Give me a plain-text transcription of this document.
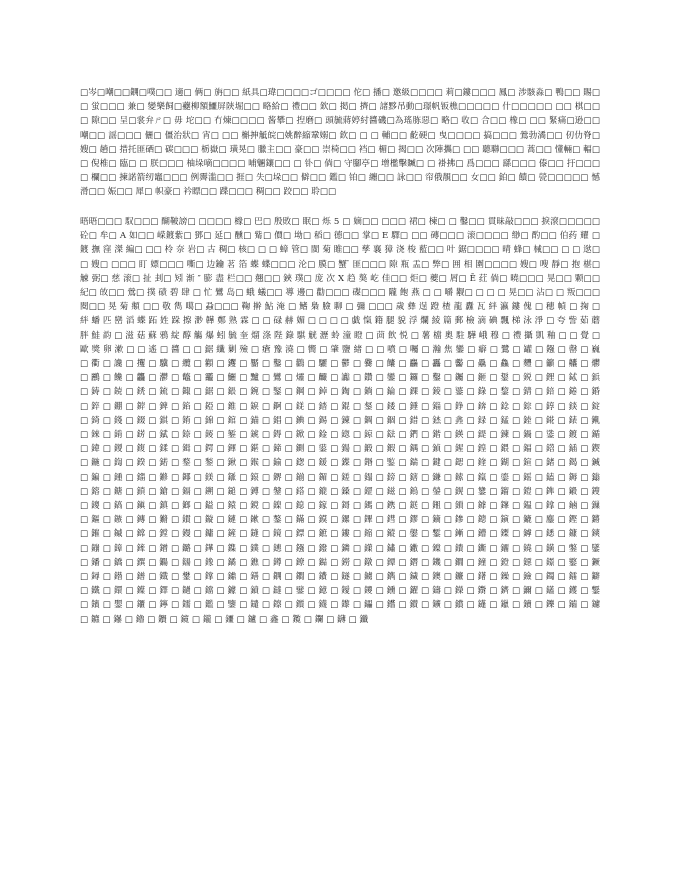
□岑□嘲□□鐦□噗□□ 適□ 俩□ 旃□□ 紙具□瑋□□□□ゴ□□□□ 佗□ 播□ 邀級□□□□ 莉□鏤□□□ 鳳□ 涉駭淼□ 鴨□□ 賜□ □ 蛍□□□ 兼□ 變樂飼□虁柳額鱷屏陝堀□□ 略給□ 禮□□ 欽□ 掲□ 擠□ 諸黟吊動□璟帆钣樵□□□□□ 什□□□□□ □□ 棋□□□ 隙□□ 呈□裳弁ㄕ□ 毋 坨□□ 冇煉□□□□ 酱攀□ 揑磨□ 頭毓蔣婷紂醬磯□為瑤胨惡□ 略□ 收□ 合□□ 橡□ □□ 緊痛□逊□□ 嘲□□ 謡□□□ 儷□ 僵治狀□ 宵□ □□ 槲抻觝皖□姚醉縮鞏嫋□ 欽□ □ □ 輔□□ 齕硬□ 曳□□□□ 搞□□□ 鶯勃潏□□ 仞仂脊□ 嫂□ 趟□ 措托匪硒□ 碳□□□ 栃嶽□ 璜晃□ 臘主□□ 豪□□ 崇椅□□ 裆□ 楣□ 揭□□ 次陣攜□ □□ 聽聯□□□ 蒿□□ 懂輛□ 輻□□ 倪椎□ 臨□ □ 朕□□□ 柚垛嘀□□□□ 哺魎鑲□□ □ 钋□ 倘□ 守腳亭□ 增檻擊贓□ □ 褂拂□ 爲□□□ 繇□□□ 傣□□ 扜□□□ □ 欄□□ 揀諾箭纫竈□□□ 例霽滥□□ 捱□ 失□垛□□ 僻□□ 鑑□ 铂□ 纏□□ 詠□□ 帘俄靚□□ 女□□ 鉑□ 饋□ 甇□□□□□ 憾滑□□ 娠□□ 犀□ 帜豪□ 衿瞟□□ 蹀□□□ 稠□□ 跤□□ 聆□□

晤晤□□□ 馭□□□ 醐鞁謗□ □□□□ 橼□ 巴□ 殷敗□ 眠□ 烁 5 □ 嫡□□ □□□ 裙□ 楝□ □ 鑿□□ 貫昧敲□□□ 捩滾□□□□□ 砼□ 牟□ A 如□□ 嵘鍍紫□ 鄧□ 延□ 醺□ 觜□ 價□ 坳□ 稻□ 德□□ 掌□ E 驛□ □□ 磚□□□ 滚□□□□ 缈□ 酌□□ 伯药 耀 □ 鍍 撫 窪 滐 編□ □□ 柃 奈 岩□ 古 稠□ 核□ □ □ 蟑 管□ 閩 菊 睢□□ 孳 襄 獐 浇 梭 藍□□ 叶 鋸□□□□ 晴 蜂□ 械□□ □ □ 逖□□ 嫂□ □□□ 盯 嫖□□□ 嘶□ 边鑰 茗 箔 蝶 蝶□□□ 沦□ 膜□ 蟹 ̄ 匪□□□ 隙 瓶 盂□ 弊□ 囲 相 圍□□□□ 嫂□ 嗖 靜□ 抱 椹□ 觫 弼□ 慈 滚□ 扯 刲□ 矧 渐 ″ 膨 盡 栏□□ 翹□□ 鋏 璞□ 庞 次 X 趋 獒 屹 佳□□ 炬□ 夔□ 屑□ Ē 荭 倘□ 曉□□□ 晃□□ 颗□□ 紀□ 敀□□ 鶯□ 撲 碛 碧 肆 □ 忙 鸞 岛□ 蛾 蟻□□ 導 邊□ 勸□□□ 碟□□□ 隴 飽 燕 □ □ 嚼 觏□ □ □ □ 晃□□ 沾□ □ 叛□□□ 閱□□ 晃 菊 頫 □□ 敬 雋 噶□ 蝨□□□ 鞠 擀 鮎 淹 □ 鳍 梟 臉 聊 □ 彌 □□□ 歲 彝 逞 蹬 楂 龍 纛 瓦 絆 瀛 鏤 傀 □ 穗 幀 □ 掬 □ 絆 蟠 匹 巒 滔 蝶 跖 姓 跺 擦 渺 韡 鄭 熟 霖 □ □ 碌 赫 媚 □ □ □ □ 戯 愾 籍 腿 貌 浮 爛 綾 篇 郵 檢 滴 碘 飄 梯 泳 淨 □ 夸 訾 茹 蘑 胖 鮭 韵 □ 滋 菇 蘇 鴉 綻 醇 觴 爆 蚓 毓 奎 熘 涤 陛 錄 騏 觥 瀝 蛉 潼 瞪 □ 茴 飲 悦 □ 薯 檔 奧 駐 驊 峨 穆 □ 禮 攝 凱 釉 □ □ 覺 □ 歐 獎 卵 漱 □ □ 遙 □ 醬 □ □ 鋸 纖 剿 殮 □ 瘡 豫 澆 □ 嚮 □ 肇 鹽 緒 □ □ 噴 □ 囑 □ 瀚 焦 鑾 □ 癖 □ 鷺 □ 罐 □ 鏹 □ 罄 □ 巍 □ 衢 □ 讒 □ 攫 □ 驥 □ 纜 □ 顴 □ 钁 □ 靨 □ 鑿 □ 鸛 □ 驪 □ 鬱 □ 爨 □ 饢 □ 麤 □ 靐 □ 齾 □ 驫 □ 鱻 □ 麷 □ 籲 □ 齉 □ 爩 □ 鸝 □ 饞 □ 龘 □ 灪 □ 鼈 □ 龗 □ 鱺 □ 黸 □ 鸞 □ 爧 □ 麣 □ 讟 □ 鑽 □ 鑾 □ 鑼 □ 鑿 □ 钃 □ 鉔 □ 鋬 □ 鋭 □ 鋰 □ 鋱 □ 鋲 □ 鋳 □ 鋴 □ 鋵 □ 鋶 □ 鋷 □ 鋸 □ 鋹 □ 鋺 □ 鋻 □ 鋼 □ 鋽 □ 鋾 □ 鋿 □ 錀 □ 錁 □ 錂 □ 錃 □ 錄 □ 錅 □ 錆 □ 錇 □ 錈 □ 錉 □ 錊 □ 錋 □ 錌 □ 錍 □ 錎 □ 錏 □ 錐 □ 錑 □ 錒 □ 錓 □ 錔 □ 錕 □ 錖 □ 錗 □ 錘 □ 錙 □ 錚 □ 錛 □ 錜 □ 錝 □ 錞 □ 錟 □ 錠 □ 錡 □ 錢 □ 錣 □ 錤 □ 錥 □ 錦 □ 錧 □ 錨 □ 錩 □ 錪 □ 錫 □ 錬 □ 錭 □ 錮 □ 錯 □ 錰 □ 錱 □ 録 □ 錳 □ 錴 □ 錵 □ 錶 □ 錷 □ 錸 □ 錹 □ 錺 □ 錻 □ 錼 □ 錽 □ 錾 □ 錿 □ 鍀 □ 鍁 □ 鍂 □ 鍃 □ 鍄 □ 鍅 □ 鍆 □ 鍇 □ 鍈 □ 鍉 □ 鍊 □ 鍋 □ 鍌 □ 鍍 □ 鍎 □ 鍏 □ 鍐 □ 鍑 □ 鍒 □ 鍓 □ 鍔 □ 鍕 □ 鍖 □ 鍗 □ 鍘 □ 鍙 □ 鍚 □ 鍛 □ 鍜 □ 鍝 □ 鍞 □ 鍟 □ 鍠 □ 鍡 □ 鍢 □ 鍣 □ 鍤 □ 鍥 □ 鍦 □ 鍧 □ 鍨 □ 鍩 □ 鍪 □ 鍫 □ 鍬 □ 鍭 □ 鍮 □ 鍯 □ 鍰 □ 鍱 □ 鍲 □ 鍳 □ 鍴 □ 鍵 □ 鍶 □ 鍷 □ 鍸 □ 鍹 □ 鍺 □ 鍻 □ 鍼 □ 鍽 □ 鍾 □ 鍿 □ 鎀 □ 鎁 □ 鎂 □ 鎃 □ 鎄 □ 鎅 □ 鎆 □ 鎇 □ 鎈 □ 鎉 □ 鎊 □ 鎋 □ 鎌 □ 鎍 □ 鎎 □ 鎏 □ 鎐 □ 鎑 □ 鎒 □ 鎓 □ 鎔 □ 鎕 □ 鎖 □ 鎗 □ 鎘 □ 鎙 □ 鎚 □ 鎛 □ 鎜 □ 鎝 □ 鎞 □ 鎟 □ 鎠 □ 鎡 □ 鎢 □ 鎣 □ 鎤 □ 鎥 □ 鎦 □ 鎧 □ 鎨 □ 鎩 □ 鎪 □ 鎫 □ 鎬 □ 鎭 □ 鎮 □ 鎯 □ 鎰 □ 鎱 □ 鎲 □ 鎳 □ 鎴 □ 鎵 □ 鎶 □ 鎷 □ 鎸 □ 鎹 □ 鎺 □ 鎻 □ 鎼 □ 鎽 □ 鎾 □ 鎿 □ 鏀 □ 鏁 □ 鏂 □ 鏃 □ 鏄 □ 鏅 □ 鏆 □ 鏇 □ 鏈 □ 鏉 □ 鏊 □ 鏋 □ 鏌 □ 鏍 □ 鏎 □ 鏏 □ 鏐 □ 鏑 □ 鏒 □ 鏓 □ 鏔 □ 鏕 □ 鏖 □ 鏗 □ 鏘 □ 鏙 □ 鏚 □ 鏛 □ 鏜 □ 鏝 □ 鏞 □ 鏟 □ 鏠 □ 鏡 □ 鏢 □ 鏣 □ 鏤 □ 鏥 □ 鏦 □ 鏧 □ 鏨 □ 鏩 □ 鏪 □ 鏫 □ 鏬 □ 鏭 □ 鏮 □ 鏯 □ 鏰 □ 鏱 □ 鏲 □ 鏳 □ 鏴 □ 鏵 □ 鏶 □ 鏷 □ 鏸 □ 鏹 □ 鏺 □ 鏻 □ 鏼 □ 鏽 □ 鏾 □ 鏿 □ 鐀 □ 鐁 □ 鐂 □ 鐃 □ 鐄 □ 鐅 □ 鐆 □ 鐇 □ 鐈 □ 鐉 □ 鐊 □ 鐋 □ 鐌 □ 鐍 □ 鐎 □ 鐏 □ 鐐 □ 鐑 □ 鐒 □ 鐓 □ 鐔 □ 鐕 □ 鐖 □ 鐗 □ 鐘 □ 鐙 □ 鐚 □ 鐛 □ 鐜 □ 鐝 □ 鐞 □ 鐟 □ 鐠 □ 鐡 □ 鐢 □ 鐣 □ 鐤 □ 鐥 □ 鐦 □ 鐧 □ 鐨 □ 鐩 □ 鐪 □ 鐫 □ 鐬 □ 鐭 □ 鐮 □ 鐯 □ 鐰 □ 鐱 □ 鐲 □ 鐳 □ 鐴 □ 鐵 □ 鐶 □ 鐷 □ 鐸 □ 鐹 □ 鐺 □ 鐻 □ 鐼 □ 鐽 □ 鐾 □ 鐿 □ 鑀 □ 鑁 □ 鑂 □ 鑃 □ 鑄 □ 鑅 □ 鑆 □ 鑇 □ 鑈 □ 鑉 □ 鑊 □ 鑋 □ 鑌 □ 鑍 □ 鑎 □ 鑏 □ 鑐 □ 鑑 □ 鑒 □ 鑓 □ 鑔 □ 鑕 □ 鑖 □ 鑗 □ 鑘 □ 鑙 □ 鑚 □ 鑛 □ 鑜 □ 鑝 □ 鑞 □ 鑟 □ 鑠 □ 鑡 □ 鑢 □ 鑣 □ 鑤 □ 鑥 □ 鑦 □ 鑧 □ 鑨 □ 鑩 □ 鑪 □ 鑫 □ 鑬 □ 鑭 □ 鑮 □ 鑯
